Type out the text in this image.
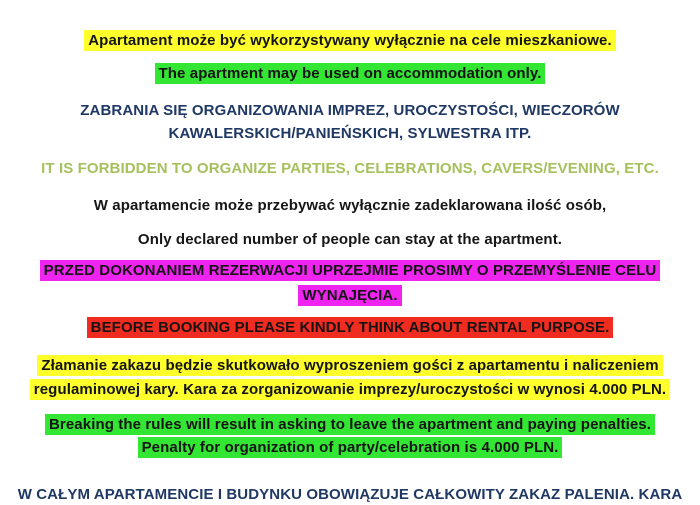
Apartament może być wykorzystywany wyłącznie na cele mieszkaniowe.
The apartment may be used on accommodation only.
ZABRANIA SIĘ ORGANIZOWANIA IMPREZ, UROCZYSTOŚCI, WIECZORÓW
KAWALERSKICH/PANIEŃSKICH, SYLWESTRA ITP.
IT IS FORBIDDEN TO ORGANIZE PARTIES, CELEBRATIONS, CAVERS/EVENING, ETC.
W apartamencie może przebywać wyłącznie zadeklarowana ilość osób,
Only declared number of people can stay at the apartment.
PRZED DOKONANIEM REZERWACJI UPRZEJMIE PROSIMY O PRZEMYŚLENIE CELU
WYNAJĘCIA.
BEFORE BOOKING PLEASE KINDLY THINK ABOUT RENTAL PURPOSE.
Złamanie zakazu będzie skutkowało wyproszeniem gości z apartamentu i naliczeniem
regulaminowej kary. Kara za zorganizowanie imprezy/uroczystości w wynosi 4.000 PLN.
Breaking the rules will result in asking to leave the apartment and paying penalties.
Penalty for organization of party/celebration is 4.000 PLN.
W CAŁYM APARTAMENCIE I BUDYNKU OBOWIĄZUJE CAŁKOWITY ZAKAZ PALENIA. KARA
